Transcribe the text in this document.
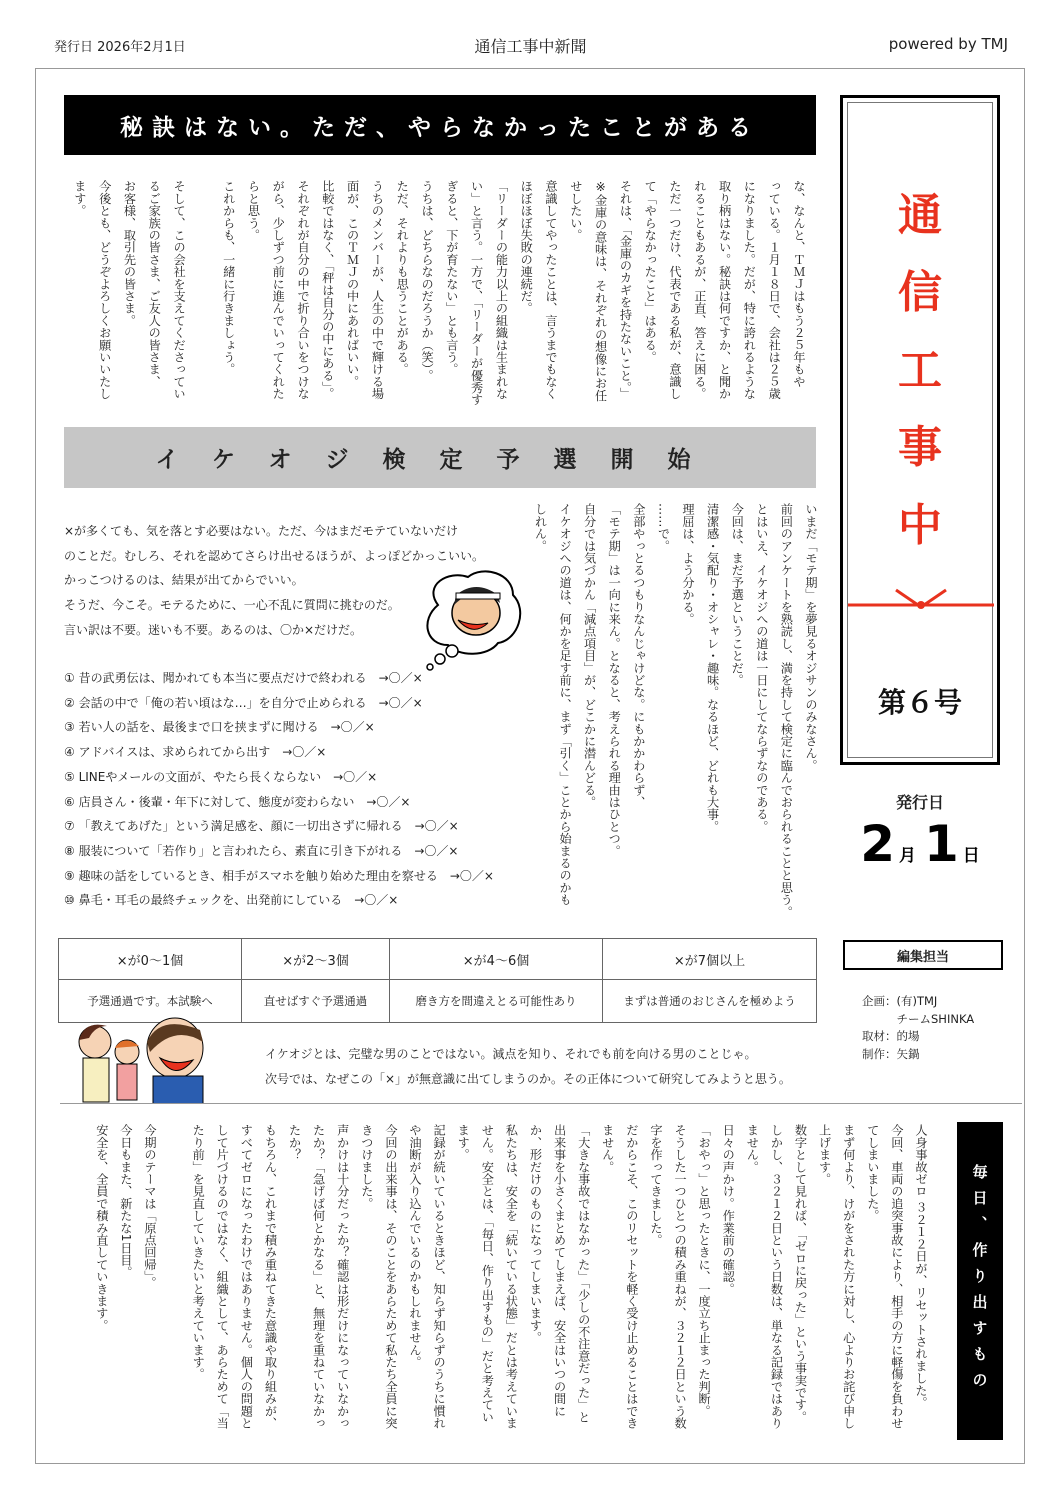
発行日 2026年2月1日	通信工事中新聞	powered by TMJ
秘訣はない。ただ、やらなかったことがある
な、なんと、ＴＭＪはもう２５年もや
っている。１月１８日で、会社は２５歳
になりました。だが、特に誇れるような
取り柄はない。秘訣は何ですか、と聞か
れることもあるが、正直、答えに困る。
ただ一つだけ、代表である私が、意識し
て「やらなかったこと」はある。
それは、「金庫のカギを持たないこと。」
※金庫の意味は、それぞれの想像にお任
せしたい。
意識してやったことは、言うまでもなく
ほぼほぼ失敗の連続だ。
「リーダーの能力以上の組織は生まれな
い」と言う。一方で、「リーダーが優秀す
ぎると、下が育たない」とも言う。
うちは、どちらなのだろうか（笑）。
ただ、それよりも思うことがある。
うちのメンバーが、人生の中で輝ける場
面が、このＴＭＪの中にあればいい。
比較ではなく、「秤は自分の中にある」。
それぞれが自分の中で折り合いをつけな
がら、少しずつ前に進んでいってくれた
らと思う。
これからも、一緒に行きましょう。

そして、この会社を支えてくださってい
るご家族の皆さま、ご友人の皆さま、
お客様、取引先の皆さま。
今後とも、どうぞよろしくお願いいたし
ます。
イケオジ検定予選開始
いまだ「モテ期」を夢見るオジサンのみなさん。
前回のアンケートを熟読し、満を持して検定に臨んでおられることと思う。
とはいえ、イケオジへの道は一日にしてならずなのである。
今回は、まだ予選ということだ。
清潔感・気配り・オシャレ・趣味。なるほど、どれも大事。
理屈は、よう分かる。
……で。
全部やっとるつもりなんじゃけどな。にもかかわらず、
「モテ期」は一向に来ん。となると、考えられる理由はひとつ。
自分では気づかん「減点項目」が、どこかに潜んどる。
イケオジへの道は、何かを足す前に、まず「引く」ことから始まるのかも
しれん。
×が多くても、気を落とす必要はない。ただ、今はまだモテていないだけ
のことだ。むしろ、それを認めてさらけ出せるほうが、よっぽどかっこいい。
かっこつけるのは、結果が出てからでいい。
そうだ、今こそ。モテるために、一心不乱に質問に挑むのだ。
言い訳は不要。迷いも不要。あるのは、〇か×だけだ。
① 昔の武勇伝は、聞かれても本当に要点だけで終われる　→〇／×
② 会話の中で「俺の若い頃はな…」を自分で止められる　→〇／×
③ 若い人の話を、最後まで口を挟まずに聞ける　→〇／×
④ アドバイスは、求められてから出す　→〇／×
⑤ LINEやメールの文面が、やたら長くならない　→〇／×
⑥ 店員さん・後輩・年下に対して、態度が変わらない　→〇／×
⑦ 「教えてあげた」という満足感を、顔に一切出さずに帰れる　→〇／×
⑧ 服装について「若作り」と言われたら、素直に引き下がれる　→〇／×
⑨ 趣味の話をしているとき、相手がスマホを触り始めた理由を察せる　→〇／×
⑩ 鼻毛・耳毛の最終チェックを、出発前にしている　→〇／×
×が0〜1個	×が2〜3個	×が4〜6個	×が7個以上
予選通過です。本試験へ	直せばすぐ予選通過	磨き方を間違えとる可能性あり	まずは普通のおじさんを極めよう
イケオジとは、完璧な男のことではない。減点を知り、それでも前を向ける男のことじゃ。
次号では、なぜこの「×」が無意識に出てしまうのか。その正体について研究してみようと思う。
通
信
工
事
中
第６号
発行日
2 月 1 日
編集担当
企画：(有)TMJ
　　　チームSHINKA
取材：的場
制作：矢鍋
人身事故ゼロ ３２１２日が、リセットされました。
今回、車両の追突事故により、相手の方に軽傷を負わせ
てしまいました。
まず何より、けがをされた方に対し、心よりお詫び申し
上げます。
数字として見れば、「ゼロに戻った」という事実です。
しかし、３２１２日という日数は、単なる記録ではあり
ません。
日々の声かけ。作業前の確認。
「おやっ」と思ったときに、一度立ち止まった判断。
そうした一つひとつの積み重ねが、３２１２日という数
字を作ってきました。
だからこそ、このリセットを軽く受け止めることはでき
ません。
「大きな事故ではなかった」「少しの不注意だった」と
出来事を小さくまとめてしまえば、安全はいつの間に
か、形だけのものになってしまいます。
私たちは、安全を「続いている状態」だとは考えていま
せん。安全とは、「毎日、作り出すもの」だと考えてい
ます。
記録が続いているときほど、知らず知らずのうちに慣れ
や油断が入り込んでいるのかもしれません。
今回の出来事は、そのことをあらためて私たち全員に突
きつけました。
声かけは十分だったか？確認は形だけになっていなかっ
たか？「急げば何とかなる」と、無理を重ねていなかっ
たか？
もちろん、これまで積み重ねてきた意識や取り組みが、
すべてゼロになったわけではありません。個人の問題と
して片づけるのではなく、組織として、あらためて「当
たり前」を見直していきたいと考えています。

今期のテーマは「原点回帰」。
今日もまた、新たな1日目。
安全を、全員で積み直していきます。	毎日、作り出すもの
